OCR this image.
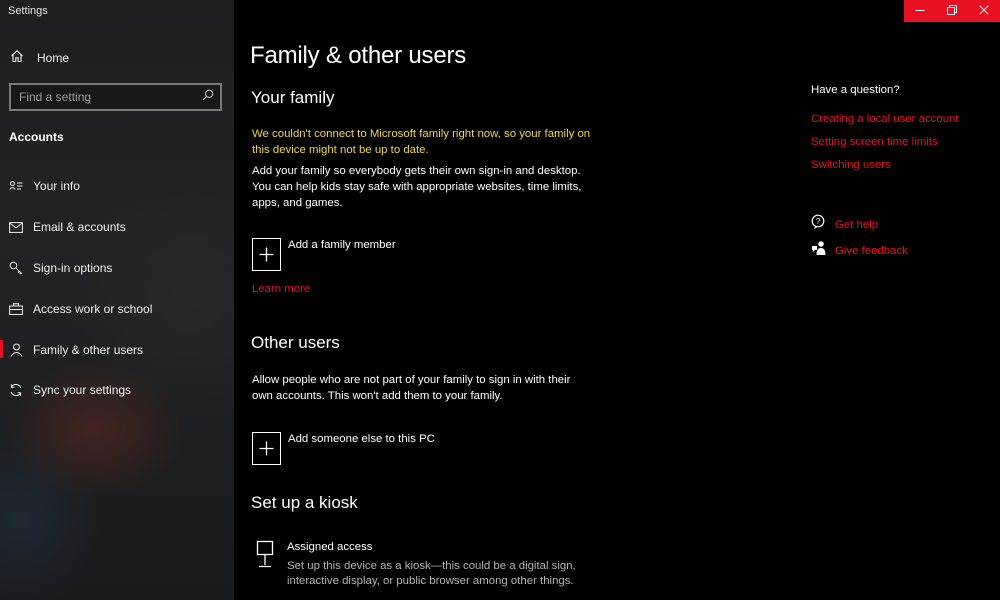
Settings
Home
Find a setting
Accounts
Your info
Email & accounts
Sign-in options
Access work or school
Family & other users
Sync your settings
Family & other users
Your family
We couldn't connect to Microsoft family right now, so your family on this device might not be up to date.
Add your family so everybody gets their own sign-in and desktop. You can help kids stay safe with appropriate websites, time limits, apps, and games.
Add a family member
Learn more
Other users
Allow people who are not part of your family to sign in with their own accounts. This won't add them to your family.
Add someone else to this PC
Set up a kiosk
Assigned access
Set up this device as a kiosk—this could be a digital sign, interactive display, or public browser among other things.
Have a question?
Creating a local user account
Setting screen time limits
Switching users
? Get help
Give feedback
